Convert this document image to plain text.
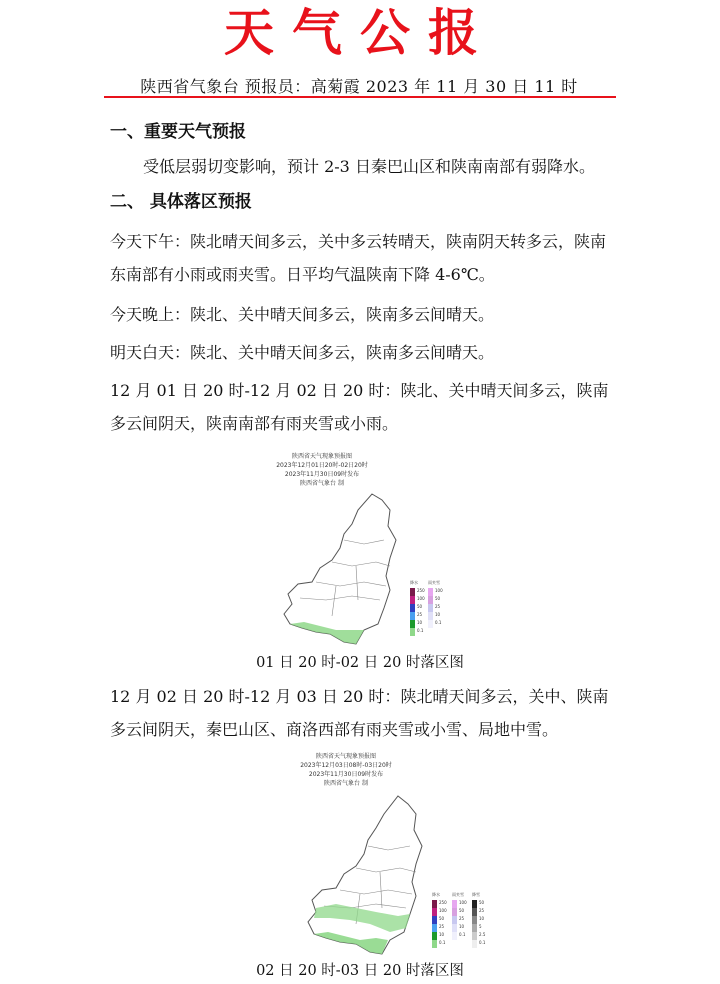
天气公报
陕西省气象台 预报员：高菊霞 2023 年 11 月 30 日 11 时
一、重要天气预报
受低层弱切变影响，预计 2-3 日秦巴山区和陕南南部有弱降水。
二、 具体落区预报
今天下午：陕北晴天间多云，关中多云转晴天，陕南阴天转多云，陕南东南部有小雨或雨夹雪。日平均气温陕南下降 4-6℃。
今天晚上：陕北、关中晴天间多云，陕南多云间晴天。
明天白天：陕北、关中晴天间多云，陕南多云间晴天。
12 月 01 日 20 时-12 月 02 日 20 时：陕北、关中晴天间多云，陕南多云间阴天，陕南南部有雨夹雪或小雨。
陕西省天气现象预报图
2023年12月01日20时-02日20时
2023年11月30日09时发布
陕西省气象台 制
降水
250
100
50
25
10
0.1
雨夹雪
100
50
25
10
0.1
01 日 20 时-02 日 20 时落区图
12 月 02 日 20 时-12 月 03 日 20 时：陕北晴天间多云，关中、陕南多云间阴天，秦巴山区、商洛西部有雨夹雪或小雪、局地中雪。
陕西省天气现象预报图
2023年12月03日08时-03日20时
2023年11月30日09时发布
陕西省气象台 制
降水
250
100
50
25
10
0.1
雨夹雪
100
50
25
10
0.1
降雪
50
25
10
5
2.5
0.1
02 日 20 时-03 日 20 时落区图
